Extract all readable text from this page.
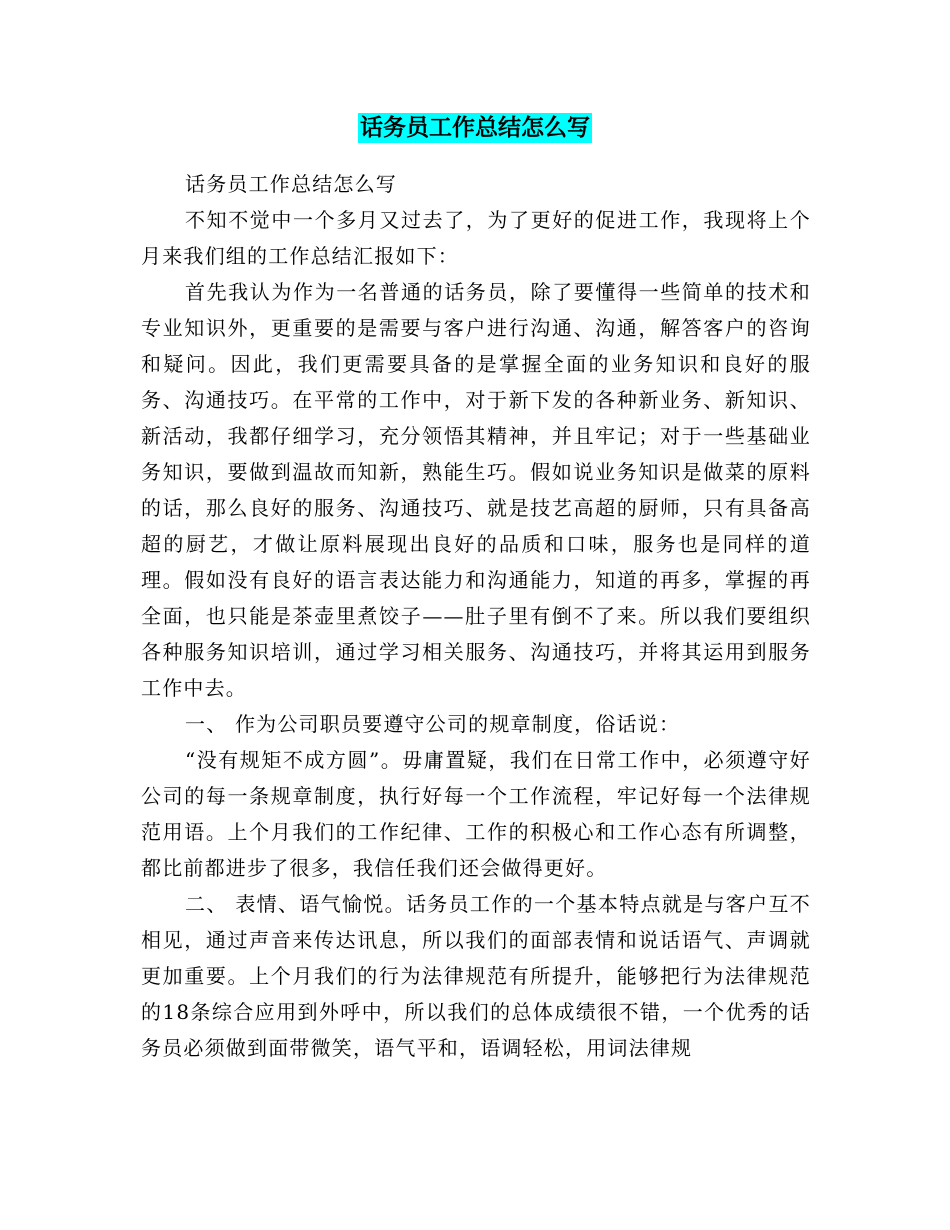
话务员工作总结怎么写

话务员工作总结怎么写

不知不觉中一个多月又过去了，为了更好的促进工作，我现将上个月来我们组的工作总结汇报如下：

首先我认为作为一名普通的话务员，除了要懂得一些简单的技术和专业知识外，更重要的是需要与客户进行沟通、沟通，解答客户的咨询和疑问。因此，我们更需要具备的是掌握全面的业务知识和良好的服务、沟通技巧。在平常的工作中，对于新下发的各种新业务、新知识、新活动，我都仔细学习，充分领悟其精神，并且牢记；对于一些基础业务知识，要做到温故而知新，熟能生巧。假如说业务知识是做菜的原料的话，那么良好的服务、沟通技巧、就是技艺高超的厨师，只有具备高超的厨艺，才做让原料展现出良好的品质和口味，服务也是同样的道理。假如没有良好的语言表达能力和沟通能力，知道的再多，掌握的再全面，也只能是茶壶里煮饺子——肚子里有倒不了来。所以我们要组织各种服务知识培训，通过学习相关服务、沟通技巧，并将其运用到服务工作中去。

一、 作为公司职员要遵守公司的规章制度，俗话说：

“没有规矩不成方圆”。毋庸置疑，我们在日常工作中，必须遵守好公司的每一条规章制度，执行好每一个工作流程，牢记好每一个法律规范用语。上个月我们的工作纪律、工作的积极心和工作心态有所调整，都比前都进步了很多，我信任我们还会做得更好。

二、 表情、语气愉悦。话务员工作的一个基本特点就是与客户互不相见，通过声音来传达讯息，所以我们的面部表情和说话语气、声调就更加重要。上个月我们的行为法律规范有所提升，能够把行为法律规范的18条综合应用到外呼中，所以我们的总体成绩很不错，一个优秀的话务员必须做到面带微笑，语气平和，语调轻松，用词法律规
